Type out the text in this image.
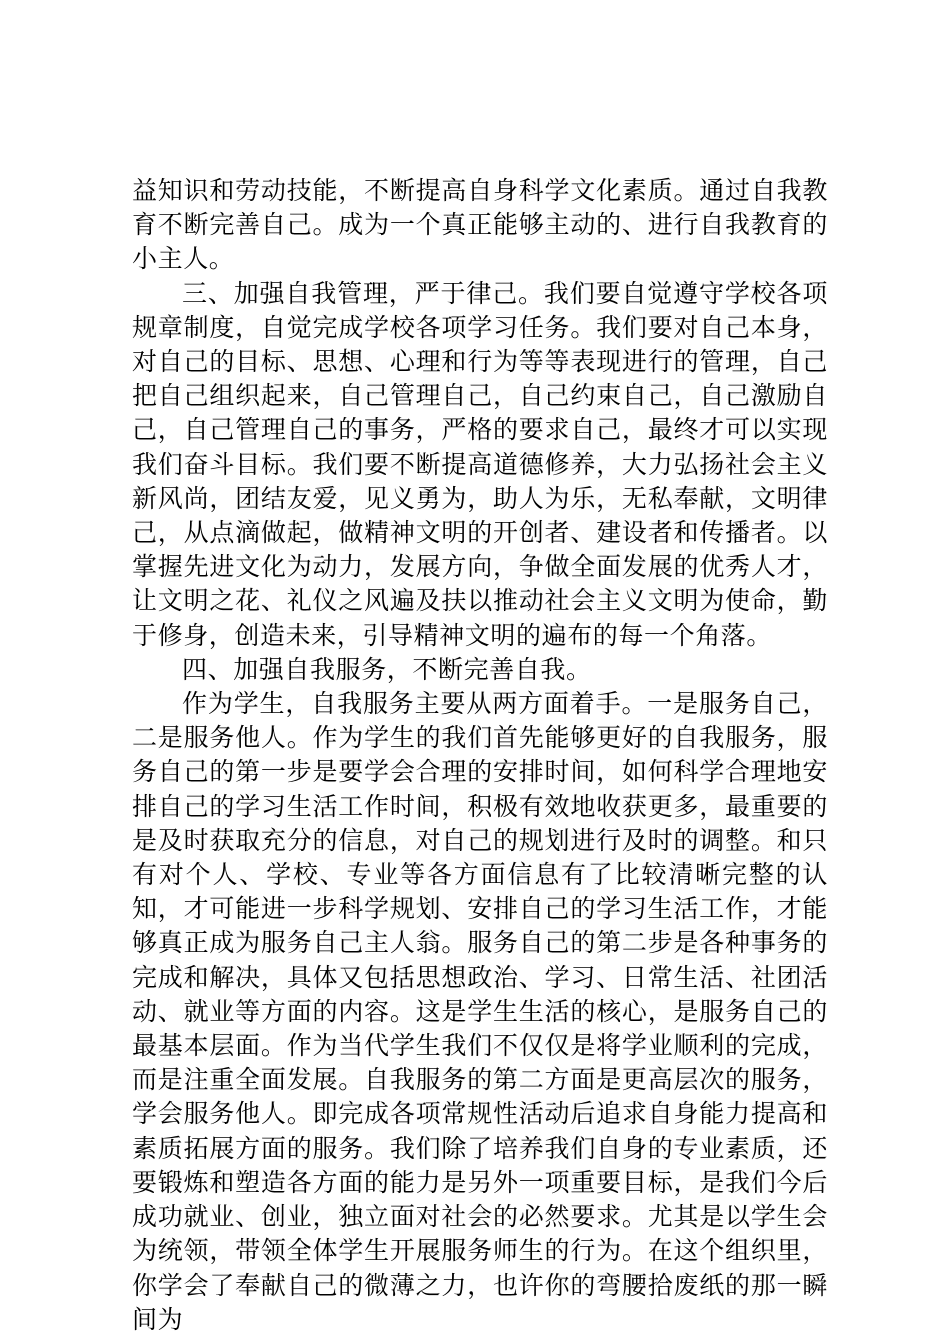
益知识和劳动技能，不断提高自身科学文化素质。通过自我教育不断完善自己。成为一个真正能够主动的、进行自我教育的小主人。

三、加强自我管理，严于律己。我们要自觉遵守学校各项规章制度，自觉完成学校各项学习任务。我们要对自己本身，对自己的目标、思想、心理和行为等等表现进行的管理，自己把自己组织起来，自己管理自己，自己约束自己，自己激励自己，自己管理自己的事务，严格的要求自己，最终才可以实现我们奋斗目标。我们要不断提高道德修养，大力弘扬社会主义新风尚，团结友爱，见义勇为，助人为乐，无私奉献，文明律己，从点滴做起，做精神文明的开创者、建设者和传播者。以掌握先进文化为动力，发展方向，争做全面发展的优秀人才，让文明之花、礼仪之风遍及扶以推动社会主义文明为使命，勤于修身，创造未来，引导精神文明的遍布的每一个角落。

四、加强自我服务，不断完善自我。

作为学生，自我服务主要从两方面着手。一是服务自己，二是服务他人。作为学生的我们首先能够更好的自我服务，服务自己的第一步是要学会合理的安排时间，如何科学合理地安排自己的学习生活工作时间，积极有效地收获更多，最重要的是及时获取充分的信息，对自己的规划进行及时的调整。和只有对个人、学校、专业等各方面信息有了比较清晰完整的认知，才可能进一步科学规划、安排自己的学习生活工作，才能够真正成为服务自己主人翁。服务自己的第二步是各种事务的完成和解决，具体又包括思想政治、学习、日常生活、社团活动、就业等方面的内容。这是学生生活的核心，是服务自己的最基本层面。作为当代学生我们不仅仅是将学业顺利的完成，而是注重全面发展。自我服务的第二方面是更高层次的服务，学会服务他人。即完成各项常规性活动后追求自身能力提高和素质拓展方面的服务。我们除了培养我们自身的专业素质，还要锻炼和塑造各方面的能力是另外一项重要目标，是我们今后成功就业、创业，独立面对社会的必然要求。尤其是以学生会为统领，带领全体学生开展服务师生的行为。在这个组织里，你学会了奉献自己的微薄之力，也许你的弯腰拾废纸的那一瞬间为
